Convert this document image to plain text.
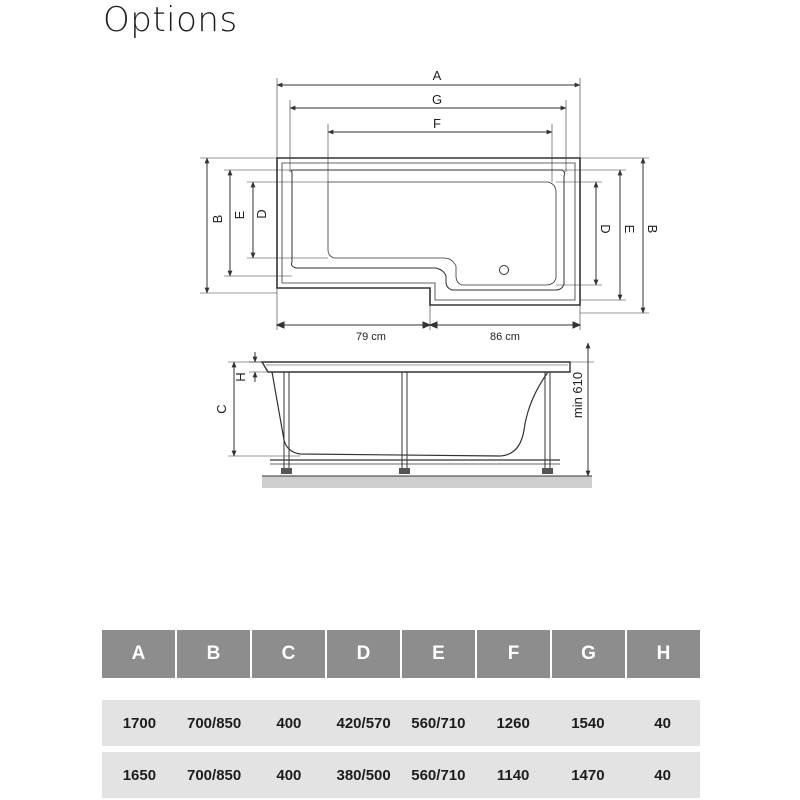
Options
A
G
F
B E D
D E B
79 cm	86 cm
H
C	min 610
A	B	C	D	E	F	G	H
1700	700/850	400	420/570	560/710	1260	1540	40
1650	700/850	400	380/500	560/710	1140	1470	40
